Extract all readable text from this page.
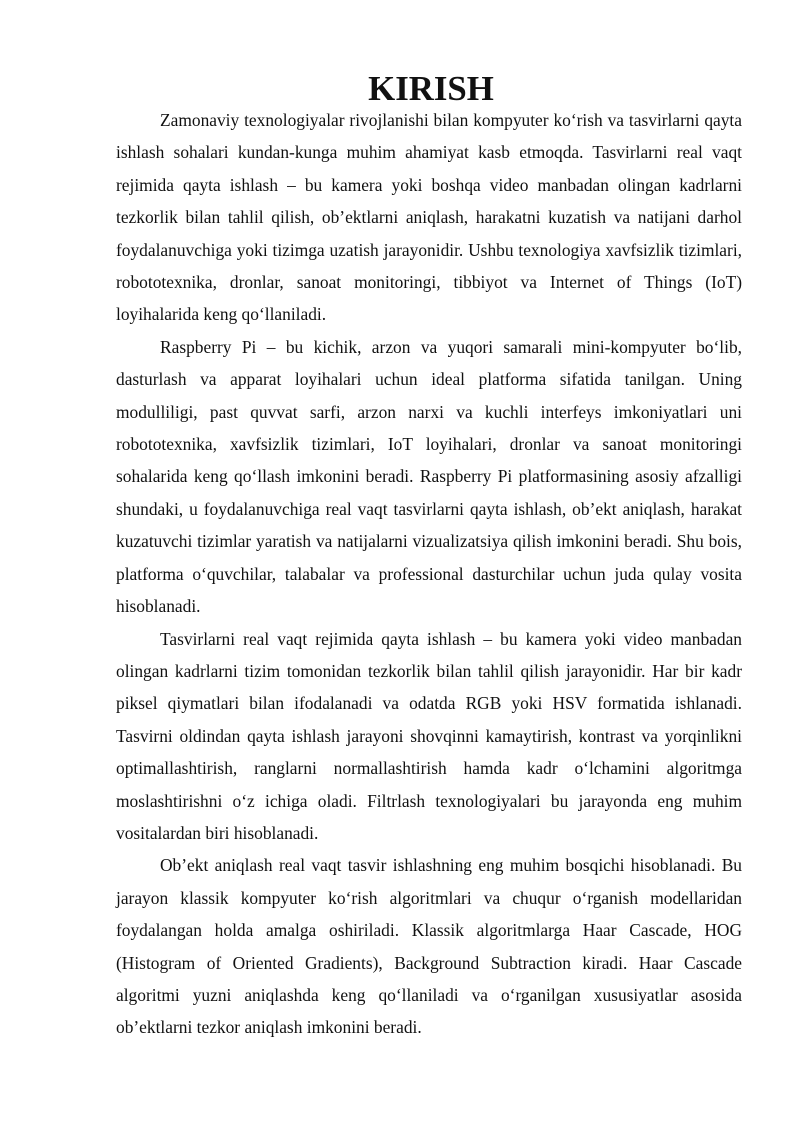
KIRISH

Zamonaviy texnologiyalar rivojlanishi bilan kompyuter ko‘rish va tasvirlarni qayta ishlash sohalari kundan-kunga muhim ahamiyat kasb etmoqda. Tasvirlarni real vaqt rejimida qayta ishlash – bu kamera yoki boshqa video manbadan olingan kadrlarni tezkorlik bilan tahlil qilish, ob’ektlarni aniqlash, harakatni kuzatish va natijani darhol foydalanuvchiga yoki tizimga uzatish jarayonidir. Ushbu texnologiya xavfsizlik tizimlari, robototexnika, dronlar, sanoat monitoringi, tibbiyot va Internet of Things (IoT) loyihalarida keng qo‘llaniladi.

Raspberry Pi – bu kichik, arzon va yuqori samarali mini-kompyuter bo‘lib, dasturlash va apparat loyihalari uchun ideal platforma sifatida tanilgan. Uning modulliligi, past quvvat sarfi, arzon narxi va kuchli interfeys imkoniyatlari uni robototexnika, xavfsizlik tizimlari, IoT loyihalari, dronlar va sanoat monitoringi sohalarida keng qo‘llash imkonini beradi. Raspberry Pi platformasining asosiy afzalligi shundaki, u foydalanuvchiga real vaqt tasvirlarni qayta ishlash, ob’ekt aniqlash, harakat kuzatuvchi tizimlar yaratish va natijalarni vizualizatsiya qilish imkonini beradi. Shu bois, platforma o‘quvchilar, talabalar va professional dasturchilar uchun juda qulay vosita hisoblanadi.

Tasvirlarni real vaqt rejimida qayta ishlash – bu kamera yoki video manbadan olingan kadrlarni tizim tomonidan tezkorlik bilan tahlil qilish jarayonidir. Har bir kadr piksel qiymatlari bilan ifodalanadi va odatda RGB yoki HSV formatida ishlanadi. Tasvirni oldindan qayta ishlash jarayoni shovqinni kamaytirish, kontrast va yorqinlikni optimallashtirish, ranglarni normallashtirish hamda kadr o‘lchamini algoritmga moslashtirishni o‘z ichiga oladi. Filtrlash texnologiyalari bu jarayonda eng muhim vositalardan biri hisoblanadi.

Ob’ekt aniqlash real vaqt tasvir ishlashning eng muhim bosqichi hisoblanadi. Bu jarayon klassik kompyuter ko‘rish algoritmlari va chuqur o‘rganish modellaridan foydalangan holda amalga oshiriladi. Klassik algoritmlarga Haar Cascade, HOG (Histogram of Oriented Gradients), Background Subtraction kiradi. Haar Cascade algoritmi yuzni aniqlashda keng qo‘llaniladi va o‘rganilgan xususiyatlar asosida ob’ektlarni tezkor aniqlash imkonini beradi.
